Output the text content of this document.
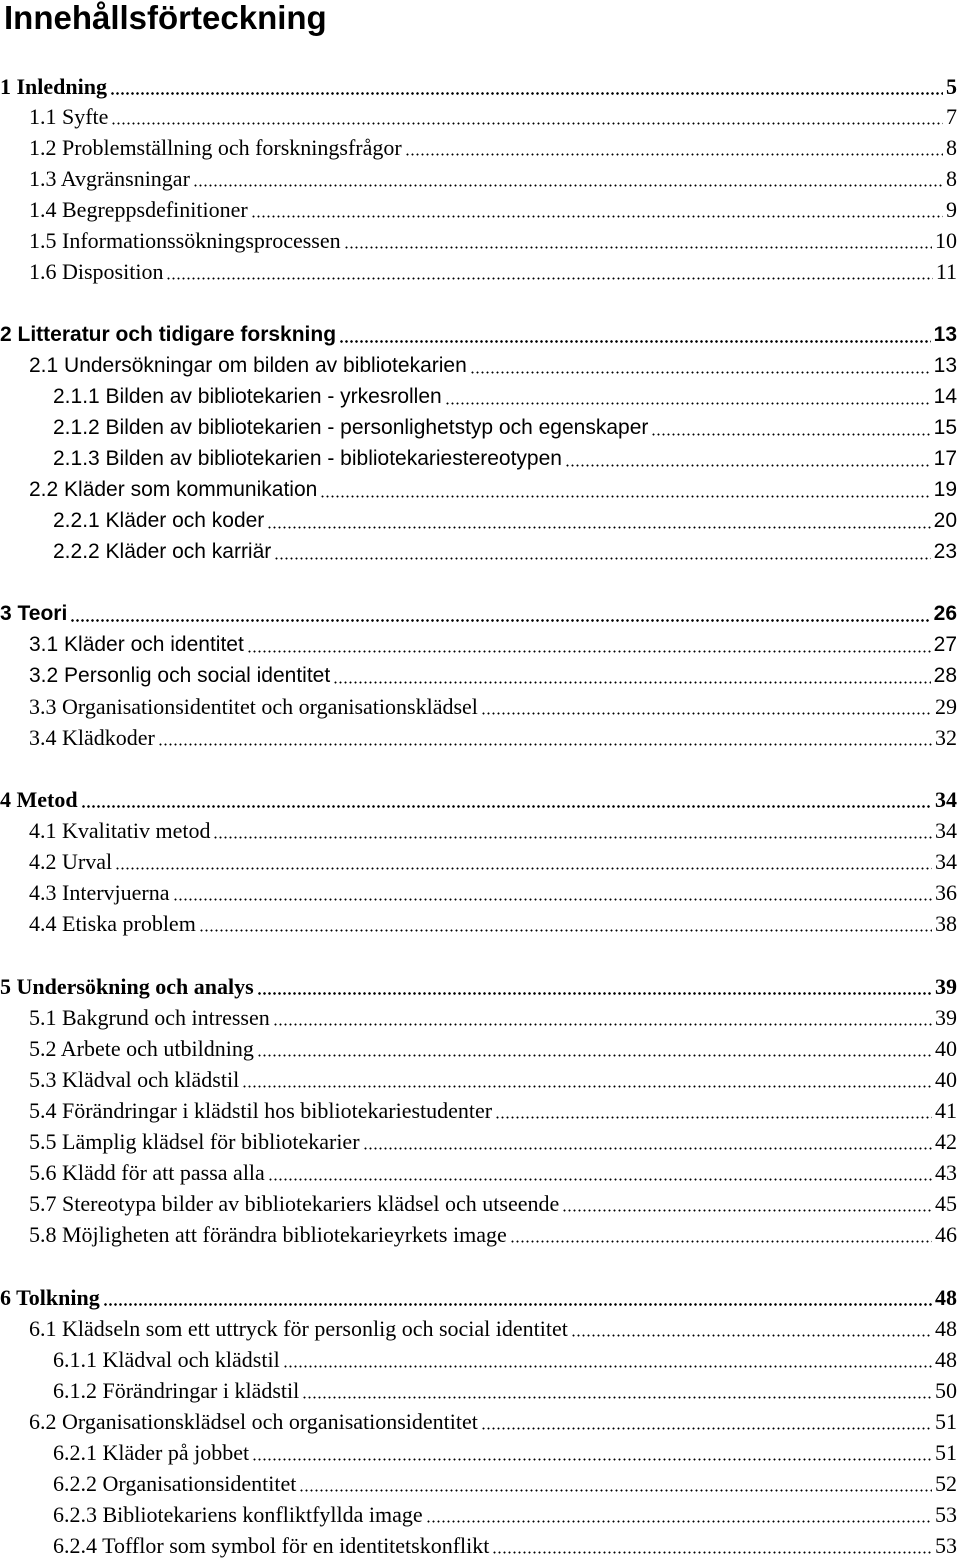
Innehållsförteckning
1 Inledning	5
1.1 Syfte	7
1.2 Problemställning och forskningsfrågor	8
1.3 Avgränsningar	8
1.4 Begreppsdefinitioner	9
1.5 Informationssökningsprocessen	10
1.6 Disposition	11
2 Litteratur och tidigare forskning	13
2.1 Undersökningar om bilden av bibliotekarien	13
2.1.1 Bilden av bibliotekarien - yrkesrollen	14
2.1.2 Bilden av bibliotekarien - personlighetstyp och egenskaper	15
2.1.3 Bilden av bibliotekarien - bibliotekariestereotypen	17
2.2 Kläder som kommunikation	19
2.2.1 Kläder och koder	20
2.2.2 Kläder och karriär	23
3 Teori	26
3.1 Kläder och identitet	27
3.2 Personlig och social identitet	28
3.3 Organisationsidentitet och organisationsklädsel	29
3.4 Klädkoder	32
4 Metod	34
4.1 Kvalitativ metod	34
4.2 Urval	34
4.3 Intervjuerna	36
4.4 Etiska problem	38
5 Undersökning och analys	39
5.1 Bakgrund och intressen	39
5.2 Arbete och utbildning	40
5.3 Klädval och klädstil	40
5.4 Förändringar i klädstil hos bibliotekariestudenter	41
5.5 Lämplig klädsel för bibliotekarier	42
5.6 Klädd för att passa alla	43
5.7 Stereotypa bilder av bibliotekariers klädsel och utseende	45
5.8 Möjligheten att förändra bibliotekarieyrkets image	46
6 Tolkning	48
6.1 Klädseln som ett uttryck för personlig och social identitet	48
6.1.1 Klädval och klädstil	48
6.1.2 Förändringar i klädstil	50
6.2 Organisationsklädsel och organisationsidentitet	51
6.2.1 Kläder på jobbet	51
6.2.2 Organisationsidentitet	52
6.2.3 Bibliotekariens konfliktfyllda image	53
6.2.4 Tofflor som symbol för en identitetskonflikt	53
